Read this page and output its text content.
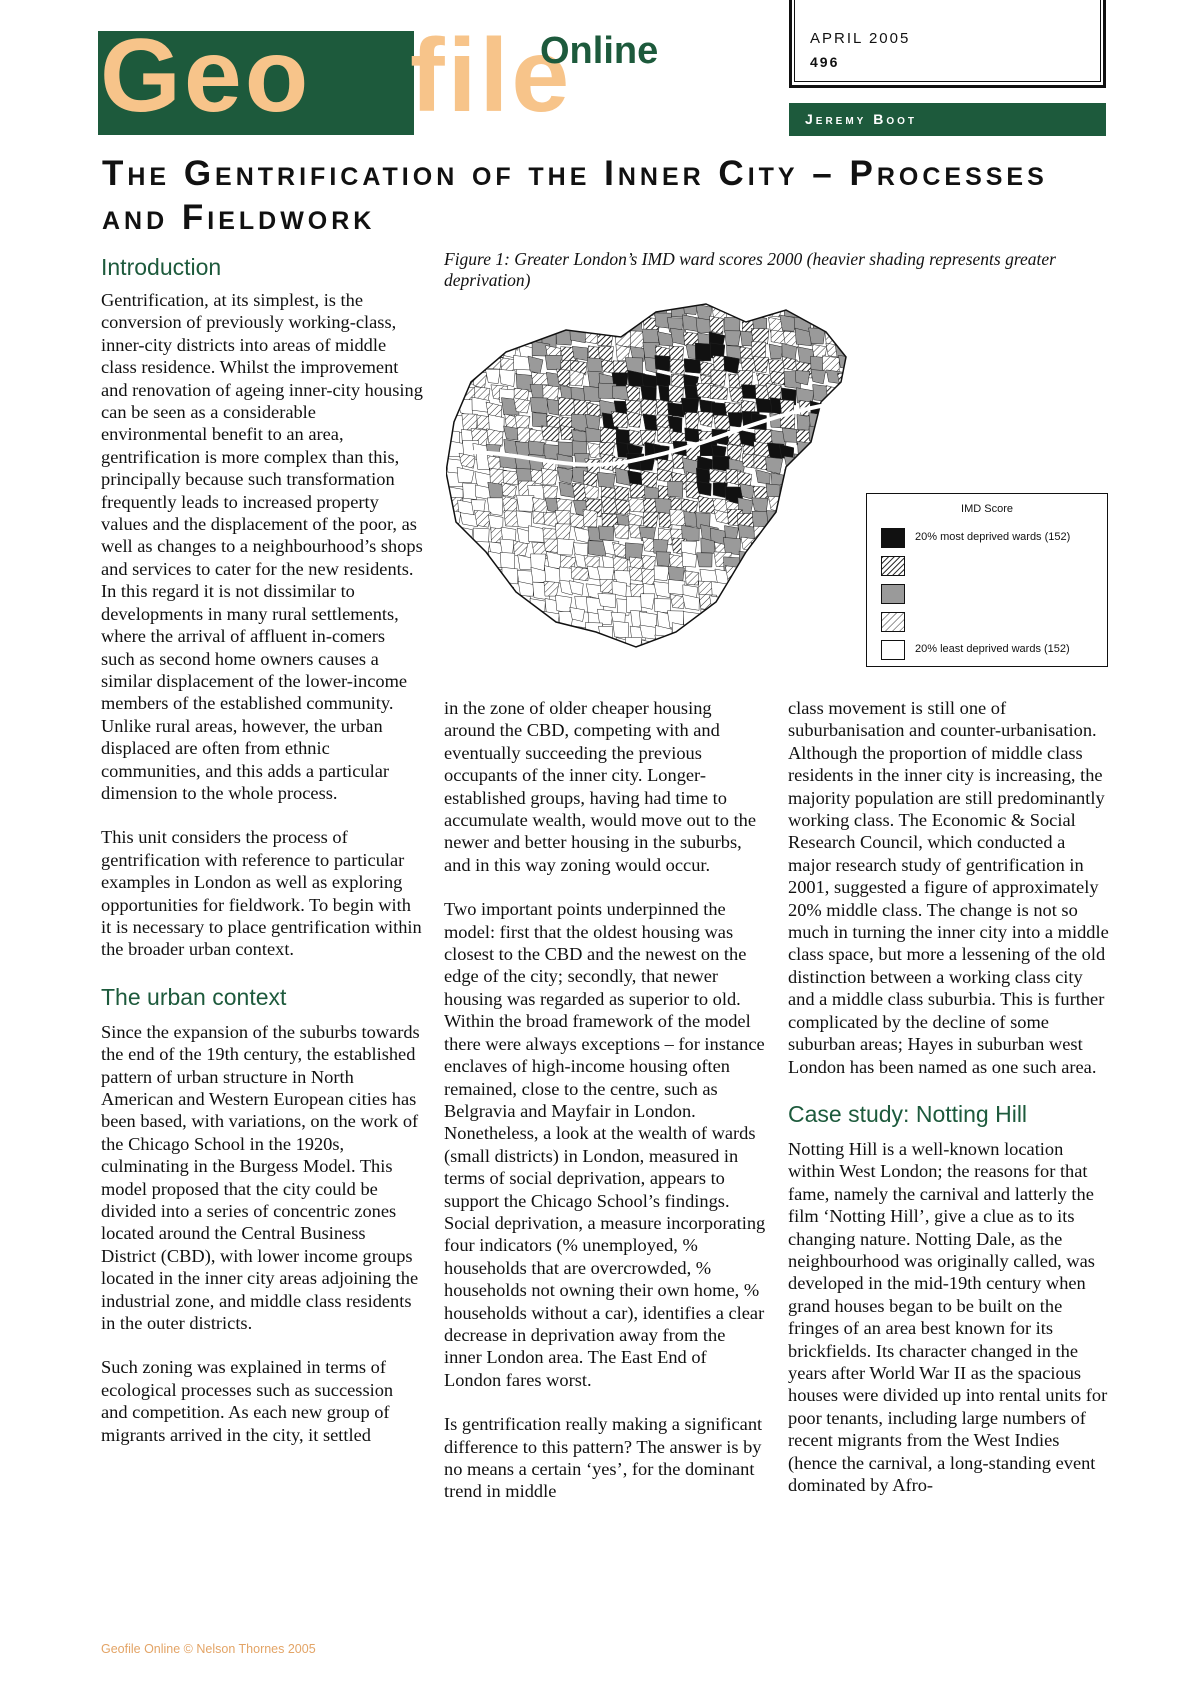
Geo file
Online	APRIL 2005
496
Jeremy Boot
The Gentrification of the Inner City – Processes and Fieldwork
Introduction

Gentrification, at its simplest, is the conversion of previously working-class, inner-city districts into areas of middle class residence. Whilst the improvement and renovation of ageing inner-city housing can be seen as a considerable environmental benefit to an area, gentrification is more complex than this, principally because such transformation frequently leads to increased property values and the displacement of the poor, as well as changes to a neighbourhood’s shops and services to cater for the new residents. In this regard it is not dissimilar to developments in many rural settlements, where the arrival of affluent in-comers such as second home owners causes a similar displacement of the lower-income members of the established community. Unlike rural areas, however, the urban displaced are often from ethnic communities, and this adds a particular dimension to the whole process.

This unit considers the process of gentrification with reference to particular examples in London as well as exploring opportunities for fieldwork. To begin with it is necessary to place gentrification within the broader urban context.

The urban context

Since the expansion of the suburbs towards the end of the 19th century, the established pattern of urban structure in North American and Western European cities has been based, with variations, on the work of the Chicago School in the 1920s, culminating in the Burgess Model. This model proposed that the city could be divided into a series of concentric zones located around the Central Business District (CBD), with lower income groups located in the inner city areas adjoining the industrial zone, and middle class residents in the outer districts.

Such zoning was explained in terms of ecological processes such as succession and competition. As each new group of migrants arrived in the city, it settled

Figure 1: Greater London’s IMD ward scores 2000 (heavier shading represents greater deprivation)

IMD Score
20% most deprived wards (152)
20% least deprived wards (152)

in the zone of older cheaper housing around the CBD, competing with and eventually succeeding the previous occupants of the inner city. Longer-established groups, having had time to accumulate wealth, would move out to the newer and better housing in the suburbs, and in this way zoning would occur.

Two important points underpinned the model: first that the oldest housing was closest to the CBD and the newest on the edge of the city; secondly, that newer housing was regarded as superior to old. Within the broad framework of the model there were always exceptions – for instance enclaves of high-income housing often remained, close to the centre, such as Belgravia and Mayfair in London. Nonetheless, a look at the wealth of wards (small districts) in London, measured in terms of social deprivation, appears to support the Chicago School’s findings. Social deprivation, a measure incorporating four indicators (% unemployed, % households that are overcrowded, % households not owning their own home, % households without a car), identifies a clear decrease in deprivation away from the inner London area. The East End of London fares worst.

Is gentrification really making a significant difference to this pattern? The answer is by no means a certain ‘yes’, for the dominant trend in middle

class movement is still one of suburbanisation and counter-urbanisation. Although the proportion of middle class residents in the inner city is increasing, the majority population are still predominantly working class. The Economic & Social Research Council, which conducted a major research study of gentrification in 2001, suggested a figure of approximately 20% middle class. The change is not so much in turning the inner city into a middle class space, but more a lessening of the old distinction between a working class city and a middle class suburbia. This is further complicated by the decline of some suburban areas; Hayes in suburban west London has been named as one such area.

Case study: Notting Hill

Notting Hill is a well-known location within West London; the reasons for that fame, namely the carnival and latterly the film ‘Notting Hill’, give a clue as to its changing nature. Notting Dale, as the neighbourhood was originally called, was developed in the mid-19th century when grand houses began to be built on the fringes of an area best known for its brickfields. Its character changed in the years after World War II as the spacious houses were divided up into rental units for poor tenants, including large numbers of recent migrants from the West Indies (hence the carnival, a long-standing event dominated by Afro-

Geofile Online © Nelson Thornes 2005
